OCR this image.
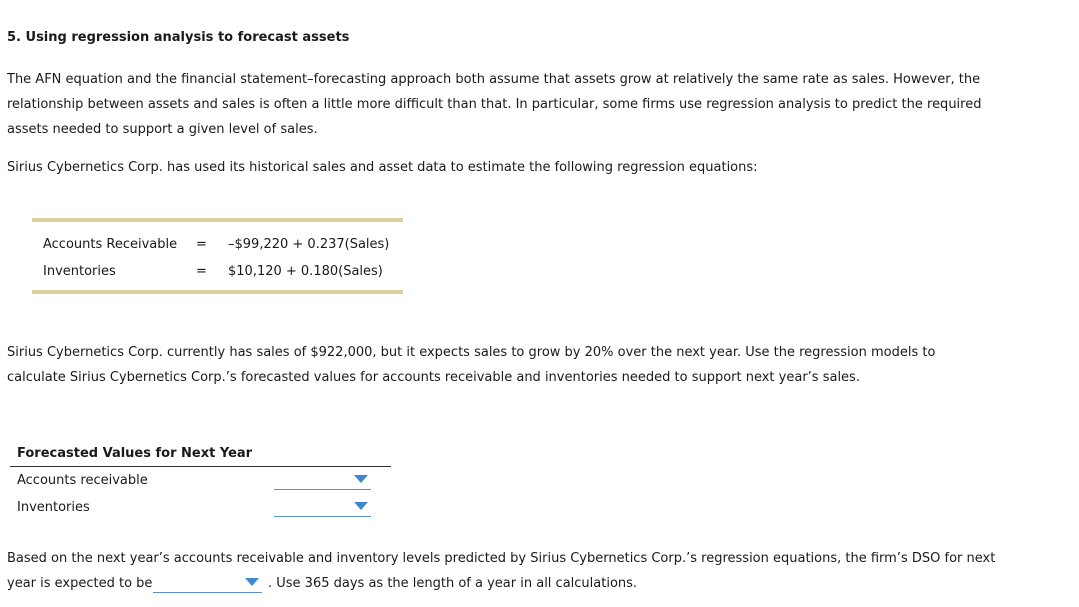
5. Using regression analysis to forecast assets
The AFN equation and the financial statement–forecasting approach both assume that assets grow at relatively the same rate as sales. However, the
relationship between assets and sales is often a little more difficult than that. In particular, some firms use regression analysis to predict the required
assets needed to support a given level of sales.
Sirius Cybernetics Corp. has used its historical sales and asset data to estimate the following regression equations:
Accounts Receivable = –$99,220 + 0.237(Sales)
Inventories	= $10,120 + 0.180(Sales)
Sirius Cybernetics Corp. currently has sales of $922,000, but it expects sales to grow by 20% over the next year. Use the regression models to
calculate Sirius Cybernetics Corp.’s forecasted values for accounts receivable and inventories needed to support next year’s sales.
Forecasted Values for Next Year
Accounts receivable
Inventories
Based on the next year’s accounts receivable and inventory levels predicted by Sirius Cybernetics Corp.’s regression equations, the firm’s DSO for next
year is expected to be	. Use 365 days as the length of a year in all calculations.
